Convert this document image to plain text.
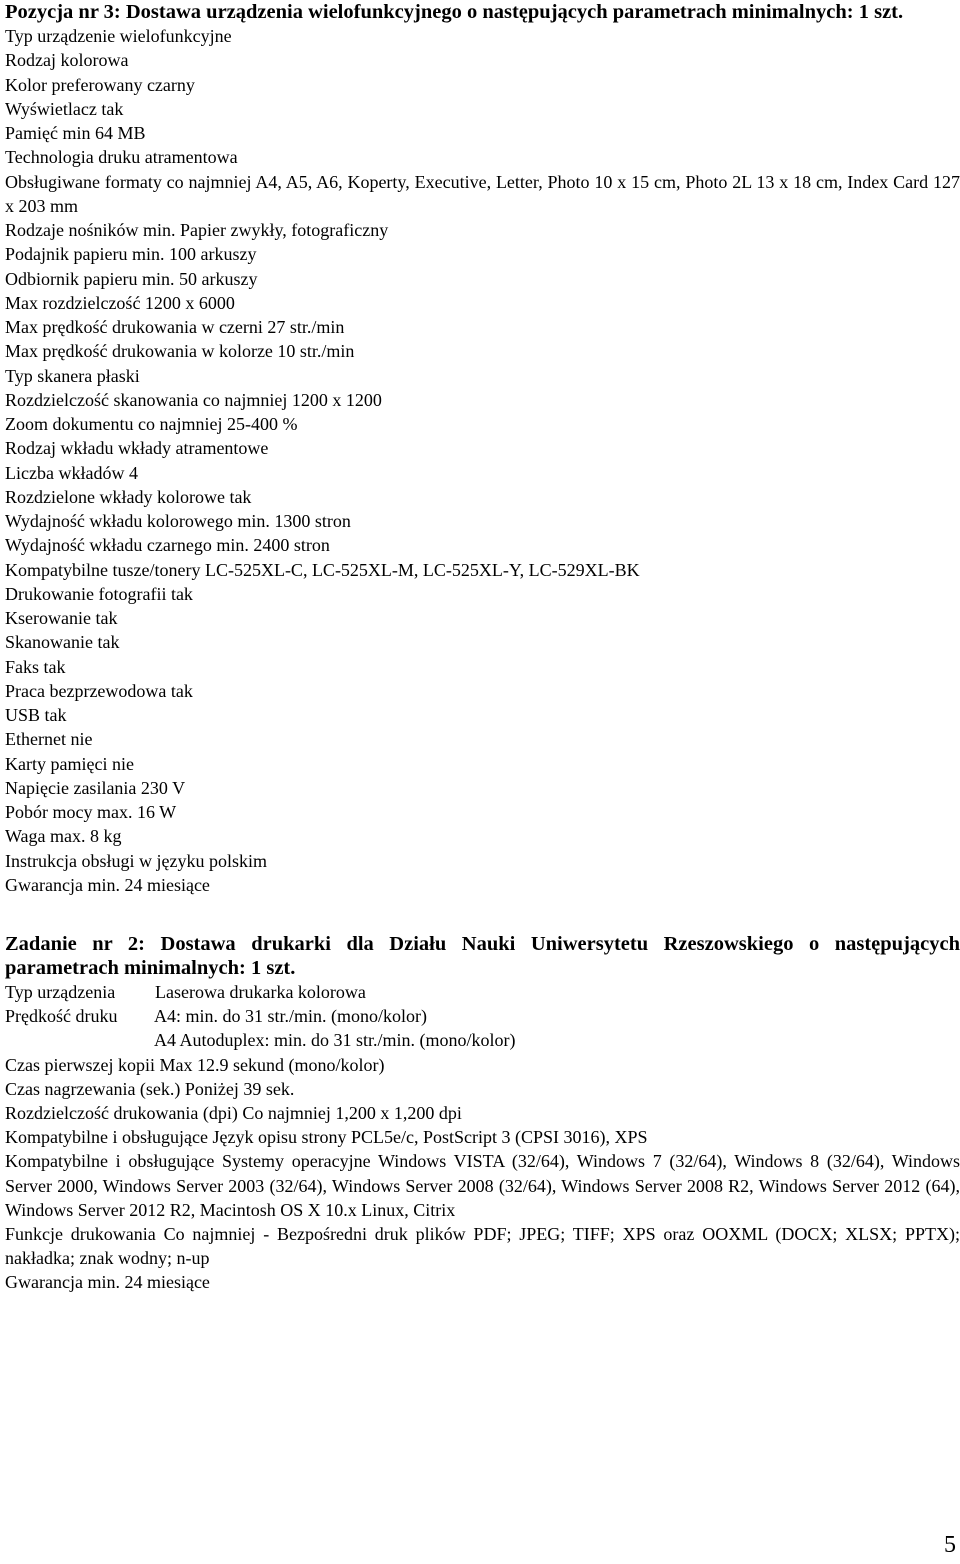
Pozycja nr 3: Dostawa urządzenia wielofunkcyjnego o następujących parametrach minimalnych: 1 szt.

Typ urządzenie wielofunkcyjne

Rodzaj kolorowa

Kolor preferowany czarny

Wyświetlacz tak

Pamięć min 64 MB

Technologia druku atramentowa

Obsługiwane formaty co najmniej A4, A5, A6, Koperty, Executive, Letter, Photo 10 x 15 cm, Photo 2L 13 x 18 cm, Index Card 127 x 203 mm

Rodzaje nośników min. Papier zwykły, fotograficzny

Podajnik papieru min. 100 arkuszy

Odbiornik papieru min. 50 arkuszy

Max rozdzielczość 1200 x 6000

Max prędkość drukowania w czerni 27 str./min

Max prędkość drukowania w kolorze 10 str./min

Typ skanera płaski

Rozdzielczość skanowania co najmniej 1200 x 1200

Zoom dokumentu co najmniej 25-400 %

Rodzaj wkładu wkłady atramentowe

Liczba wkładów 4

Rozdzielone wkłady kolorowe tak

Wydajność wkładu kolorowego min. 1300 stron

Wydajność wkładu czarnego min. 2400 stron

Kompatybilne tusze/tonery LC-525XL-C, LC-525XL-M, LC-525XL-Y, LC-529XL-BK

Drukowanie fotografii tak

Kserowanie tak

Skanowanie tak

Faks tak

Praca bezprzewodowa tak

USB tak

Ethernet nie

Karty pamięci nie

Napięcie zasilania 230 V

Pobór mocy max. 16 W

Waga max. 8 kg

Instrukcja obsługi w języku polskim

Gwarancja min. 24 miesiące

Zadanie nr 2: Dostawa drukarki dla Działu Nauki Uniwersytetu Rzeszowskiego o następujących parametrach minimalnych: 1 szt.

Typ urządzenia Laserowa drukarka kolorowa

Prędkość druku A4: min. do 31 str./min. (mono/kolor)

A4 Autoduplex: min. do 31 str./min. (mono/kolor)

Czas pierwszej kopii Max 12.9 sekund (mono/kolor)

Czas nagrzewania (sek.) Poniżej 39 sek.

Rozdzielczość drukowania (dpi) Co najmniej 1,200 x 1,200 dpi

Kompatybilne i obsługujące Język opisu strony PCL5e/c, PostScript 3 (CPSI 3016), XPS

Kompatybilne i obsługujące Systemy operacyjne Windows VISTA (32/64), Windows 7 (32/64), Windows 8 (32/64), Windows Server 2000, Windows Server 2003 (32/64), Windows Server 2008 (32/64), Windows Server 2008 R2, Windows Server 2012 (64), Windows Server 2012 R2, Macintosh OS X 10.x Linux, Citrix

Funkcje drukowania Co najmniej - Bezpośredni druk plików PDF; JPEG; TIFF; XPS oraz OOXML (DOCX; XLSX; PPTX); nakładka; znak wodny; n-up

Gwarancja min. 24 miesiące

5
